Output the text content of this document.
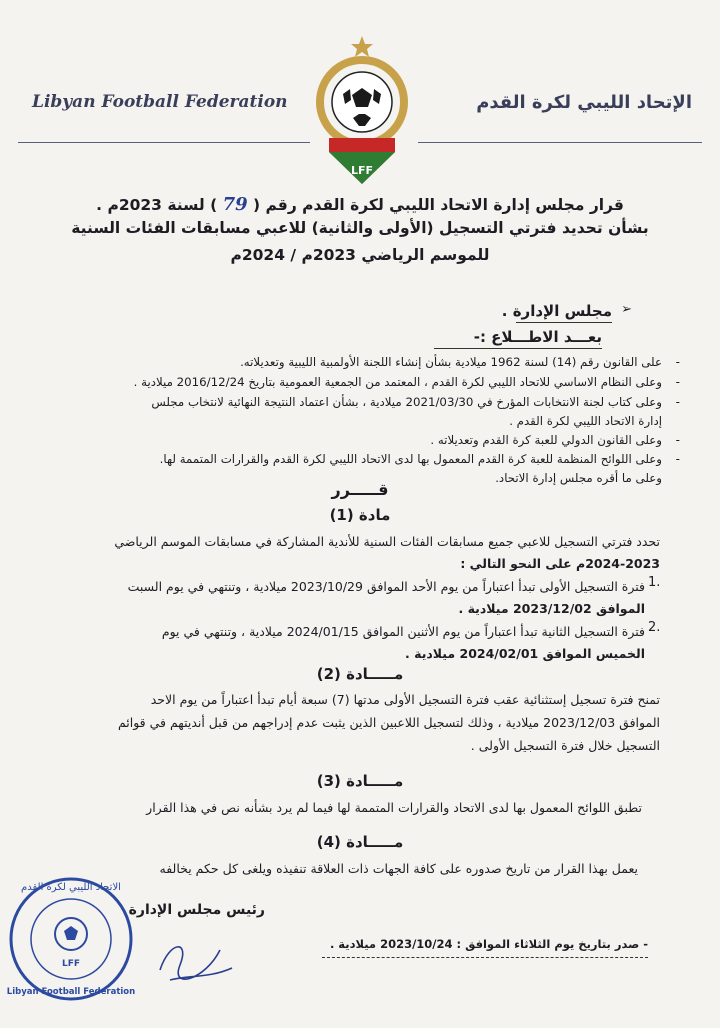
Libyan Football Federation	الإتحاد الليبي لكرة القدم
LFF
قرار مجلس إدارة الاتحاد الليبي لكرة القدم رقم ( 79 ) لسنة 2023م .
بشأن تحديد فترتي التسجيل (الأولى والثانية) للاعبي مسابقات الفئات السنية
للموسم الرياضي 2023م / 2024م
➢
مجلس الإدارة .
بعـــد الاطـــلاع :-
-
على القانون رقم (14) لسنة 1962 ميلادية بشأن إنشاء اللجنة الأولمبية الليبية وتعديلاته.
-
وعلى النظام الاساسي للاتحاد الليبي لكرة القدم ، المعتمد من الجمعية العمومية بتاريخ 2016/12/24 ميلادية .
-
وعلى كتاب لجنة الانتخابات المؤرخ في 2021/03/30 ميلادية ، بشأن اعتماد النتيجة النهائية لانتخاب مجلس
إدارة الاتحاد الليبي لكرة القدم .
-
وعلى القانون الدولي للعبة كرة القدم وتعديلاته .
-
وعلى اللوائح المنظمة للعبة كرة القدم المعمول بها لدى الاتحاد الليبي لكرة القدم والقرارات المتممة لها.
وعلى ما أقره مجلس إدارة الاتحاد.
قـــــرر
مادة (1)
تحدد فترتي التسجيل للاعبي جميع مسابقات الفئات السنية للأندية المشاركة في مسابقات الموسم الرياضي
2024-2023م على النحو التالي :
فترة التسجيل الأولى تبدأ اعتباراً من يوم الأحد الموافق 2023/10/29 ميلادية ، وتنتهي في يوم السبت 1.
الموافق 2023/12/02 ميلادية .
فترة التسجيل الثانية تبدأ اعتباراً من يوم الأثنين الموافق 2024/01/15 ميلادية ، وتنتهي في يوم 2.
الخميس الموافق 2024/02/01 ميلادية .
مـــــادة (2)
تمنح فترة تسجيل إستثنائية عقب فترة التسجيل الأولى مدتها (7) سبعة أيام تبدأ اعتباراً من يوم الاحد
الموافق 2023/12/03 ميلادية ، وذلك لتسجيل اللاعبين الذين يثبت عدم إدراجهم من قبل أنديتهم في قوائم
التسجيل خلال فترة التسجيل الأولى .
مـــــادة (3)
تطبق اللوائح المعمول بها لدى الاتحاد والقرارات المتممة لها فيما لم يرد بشأنه نص في هذا القرار
مـــــادة (4)
يعمل بهذا القرار من تاريخ صدوره على كافة الجهات ذات العلاقة تنفيذه ويلغى كل حكم يخالفه
رئيس مجلس الإدارة
- صدر بتاريخ يوم الثلاثاء الموافق : 2023/10/24 ميلادية .
LFF
الاتحاد الليبي لكرة القدم
Libyan Football Federation
